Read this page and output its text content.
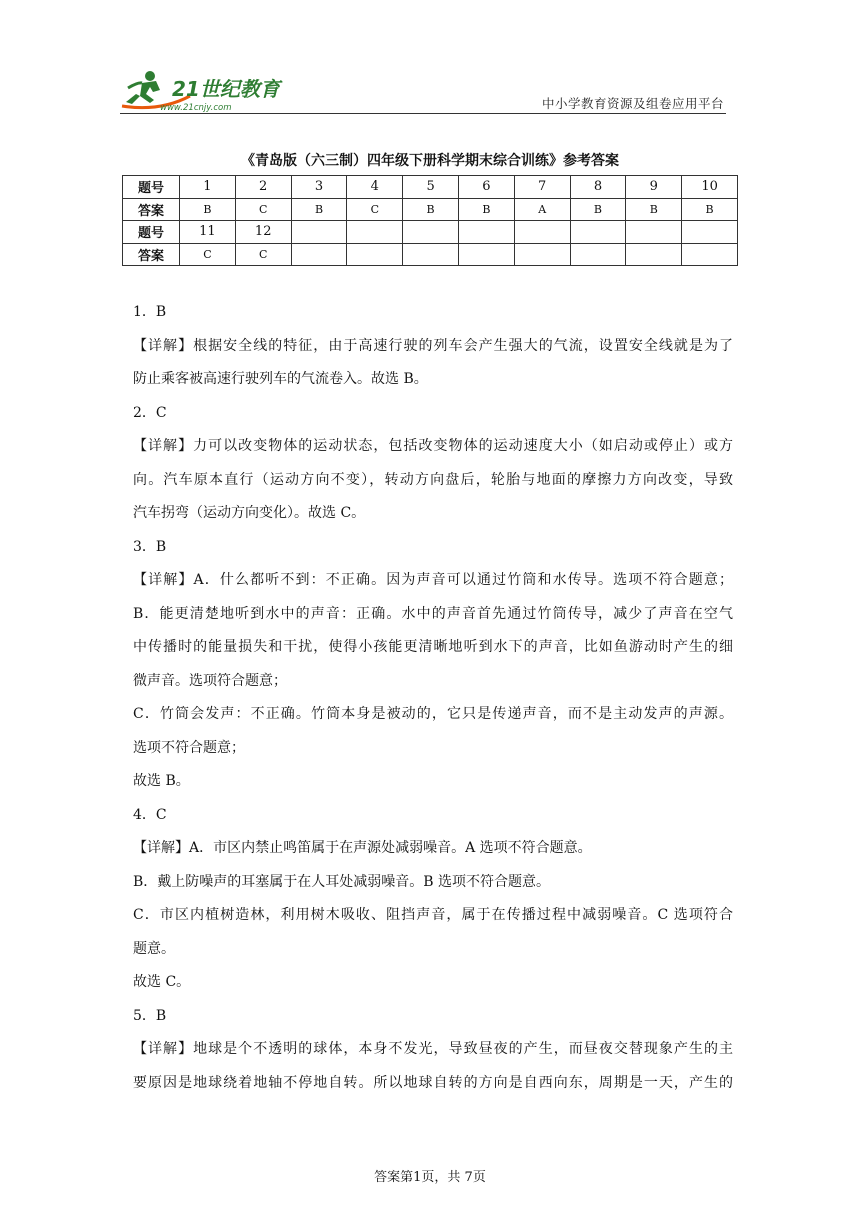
21世纪教育
www.21cnjy.com	中小学教育资源及组卷应用平台
《青岛版（六三制）四年级下册科学期末综合训练》参考答案
题号	1	2	3	4	5	6	7	8	9	10
答案	B	C	B	C	B	B	A	B	B	B
题号	11	12								
答案	C	C								
1．B
【详解】根据安全线的特征，由于高速行驶的列车会产生强大的气流，设置安全线就是为了
防止乘客被高速行驶列车的气流卷入。故选 B。
2．C
【详解】力可以改变物体的运动状态，包括改变物体的运动速度大小（如启动或停止）或方
向。汽车原本直行（运动方向不变），转动方向盘后，轮胎与地面的摩擦力方向改变，导致
汽车拐弯（运动方向变化）。故选 C。
3．B
【详解】A．什么都听不到：不正确。因为声音可以通过竹筒和水传导。选项不符合题意；
B．能更清楚地听到水中的声音：正确。水中的声音首先通过竹筒传导，减少了声音在空气
中传播时的能量损失和干扰，使得小孩能更清晰地听到水下的声音，比如鱼游动时产生的细
微声音。选项符合题意；
C．竹筒会发声：不正确。竹筒本身是被动的，它只是传递声音，而不是主动发声的声源。
选项不符合题意；
故选 B。
4．C
【详解】A．市区内禁止鸣笛属于在声源处减弱噪音。A 选项不符合题意。
B．戴上防噪声的耳塞属于在人耳处减弱噪音。B 选项不符合题意。
C．市区内植树造林，利用树木吸收、阻挡声音，属于在传播过程中减弱噪音。C 选项符合
题意。
故选 C。
5．B
【详解】地球是个不透明的球体，本身不发光，导致昼夜的产生，而昼夜交替现象产生的主
要原因是地球绕着地轴不停地自转。所以地球自转的方向是自西向东，周期是一天，产生的
答案第1页，共 7页
